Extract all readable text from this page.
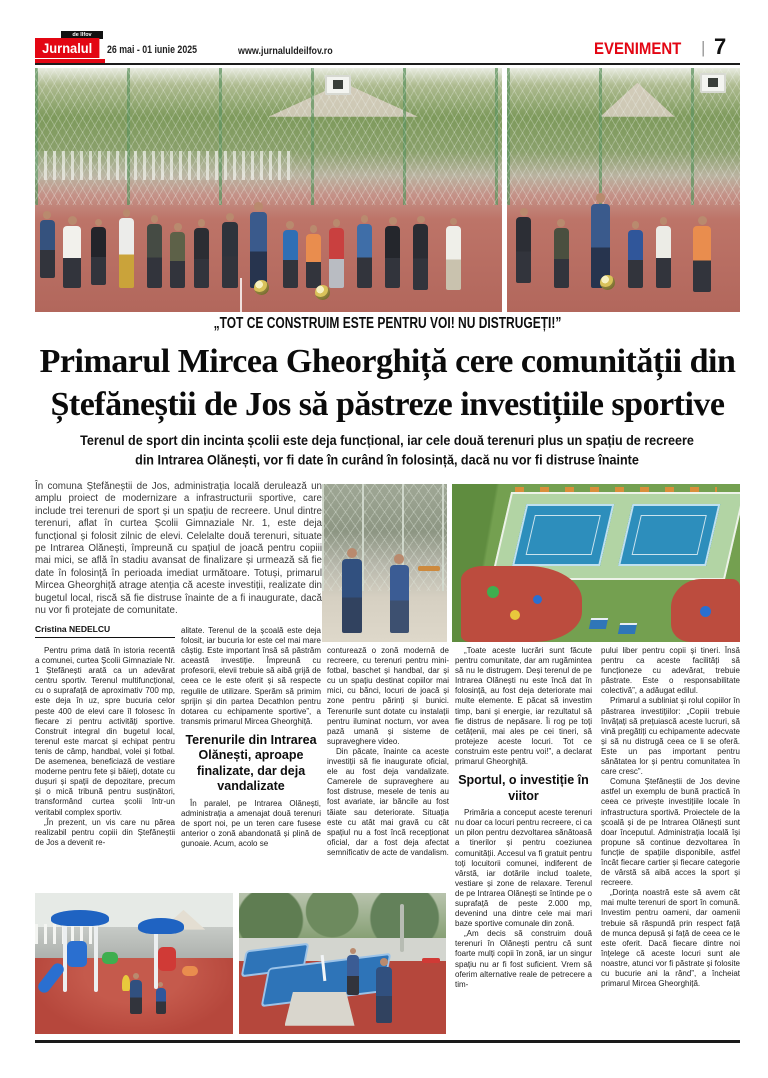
de Ilfov
Jurnalul	26 mai - 01 iunie 2025	www.jurnaluldeilfov.ro	EVENIMENT | 7
„TOT CE CONSTRUIM ESTE PENTRU VOI! NU DISTRUGEȚI!”
Primarul Mircea Gheorghiță cere comunității din Ștefăneștii de Jos să păstreze investițiile sportive
Terenul de sport din incinta școlii este deja funcțional, iar cele două terenuri plus un spațiu de recreere din Intrarea Olănești, vor fi date în curând în folosință, dacă nu vor fi distruse înainte
În comuna Ștefăneștii de Jos, administrația locală derulează un amplu proiect de modernizare a infrastructurii sportive, care include trei terenuri de sport și un spațiu de recreere. Unul dintre terenuri, aflat în curtea Școlii Gimnaziale Nr. 1, este deja funcțional și folosit zilnic de elevi. Celelalte două terenuri, situate pe Intrarea Olănești, împreună cu spațiul de joacă pentru copiii mai mici, se află în stadiu avansat de finalizare și urmează să fie date în folosință în perioada imediat următoare. Totuși, primarul Mircea Gheorghiță atrage atenția că aceste investiții, realizate din bugetul local, riscă să fie distruse înainte de a fi inaugurate, dacă nu vor fi protejate de comunitate.
Cristina NEDELCU

Pentru prima dată în istoria recentă a comunei, curtea Școlii Gimnaziale Nr. 1 Ștefănești arată ca un adevărat centru sportiv. Terenul multifuncțional, cu o suprafață de aproximativ 700 mp, este deja în uz, spre bucuria celor peste 400 de elevi care îl folosesc în fiecare zi pentru activități sportive. Construit integral din bugetul local, terenul este marcat și echipat pentru tenis de câmp, handbal, volei și fotbal. De asemenea, beneficiază de vestiare moderne pentru fete și băieți, dotate cu dușuri și spații de depozitare, precum și o mică tribună pentru susținători, transformând curtea școlii într-un veritabil complex sportiv.

„În prezent, un vis care nu părea realizabil pentru copiii din Ștefăneștii de Jos a devenit re-

alitate. Terenul de la școală este deja folosit, iar bucuria lor este cel mai mare câștig. Este important însă să păstrăm această investiție. Împreună cu profesorii, elevii trebuie să aibă grijă de ceea ce le este oferit și să respecte regulile de utilizare. Sperăm să primim sprijin și din partea Decathlon pentru dotarea cu echipamente sportive”, a transmis primarul Mircea Gheorghiță.

Terenurile din Intrarea Olănești, aproape finalizate, dar deja vandalizate

În paralel, pe Intrarea Olănești, administrația a amenajat două terenuri de sport noi, pe un teren care fusese anterior o zonă abandonată și plină de gunoaie. Acum, acolo se

conturează o zonă modernă de recreere, cu terenuri pentru mini-fotbal, baschet și handbal, dar și cu un spațiu destinat copiilor mai mici, cu bănci, locuri de joacă și zone pentru părinți și bunici. Terenurile sunt dotate cu instalații pentru iluminat nocturn, vor avea pază umană și sisteme de supraveghere video.

Din păcate, înainte ca aceste investiții să fie inaugurate oficial, ele au fost deja vandalizate. Camerele de supraveghere au fost distruse, mesele de tenis au fost avariate, iar băncile au fost tăiate sau deteriorate. Situația este cu atât mai gravă cu cât spațiul nu a fost încă recepționat oficial, dar a fost deja afectat semnificativ de acte de vandalism.

„Toate aceste lucrări sunt făcute pentru comunitate, dar am rugămintea să nu le distrugem. Deși terenul de pe Intrarea Olănești nu este încă dat în folosință, au fost deja deteriorate mai multe elemente. E păcat să investim timp, bani și energie, iar rezultatul să fie distrus de nepăsare. Îi rog pe toți cetățenii, mai ales pe cei tineri, să protejeze aceste locuri. Tot ce construim este pentru voi!”, a declarat primarul Gheorghiță.

Sportul, o investiție în viitor

Primăria a conceput aceste terenuri nu doar ca locuri pentru recreere, ci ca un pilon pentru dezvoltarea sănătoasă a tinerilor și pentru coeziunea comunității. Accesul va fi gratuit pentru toți locuitorii comunei, indiferent de vârstă, iar dotările includ toalete, vestiare și zone de relaxare. Terenul de pe Intrarea Olănești se întinde pe o suprafață de peste 2.000 mp, devenind una dintre cele mai mari baze sportive comunale din zonă.

„Am decis să construim două terenuri în Olănești pentru că sunt foarte mulți copii în zonă, iar un singur spațiu nu ar fi fost suficient. Vrem să oferim alternative reale de petrecere a tim-

pului liber pentru copii și tineri. Însă pentru ca aceste facilități să funcționeze cu adevărat, trebuie păstrate. Este o responsabilitate colectivă”, a adăugat edilul.

Primarul a subliniat și rolul copiilor în păstrarea investițiilor: „Copiii trebuie învățați să prețuiască aceste lucruri, să vină pregătiți cu echipamente adecvate și să nu distrugă ceea ce li se oferă. Este un pas important pentru sănătatea lor și pentru comunitatea în care cresc”.

Comuna Ștefăneștii de Jos devine astfel un exemplu de bună practică în ceea ce privește investițiile locale în infrastructura sportivă. Proiectele de la școală și de pe Intrarea Olănești sunt doar începutul. Administrația locală își propune să continue dezvoltarea în funcție de spațiile disponibile, astfel încât fiecare cartier și fiecare categorie de vârstă să aibă acces la sport și recreere.

„Dorința noastră este să avem cât mai multe terenuri de sport în comună. Investim pentru oameni, dar oamenii trebuie să răspundă prin respect față de munca depusă și față de ceea ce le este oferit. Dacă fiecare dintre noi înțelege că aceste locuri sunt ale noastre, atunci vor fi păstrate și folosite cu bucurie ani la rând”, a încheiat primarul Mircea Gheorghiță.
